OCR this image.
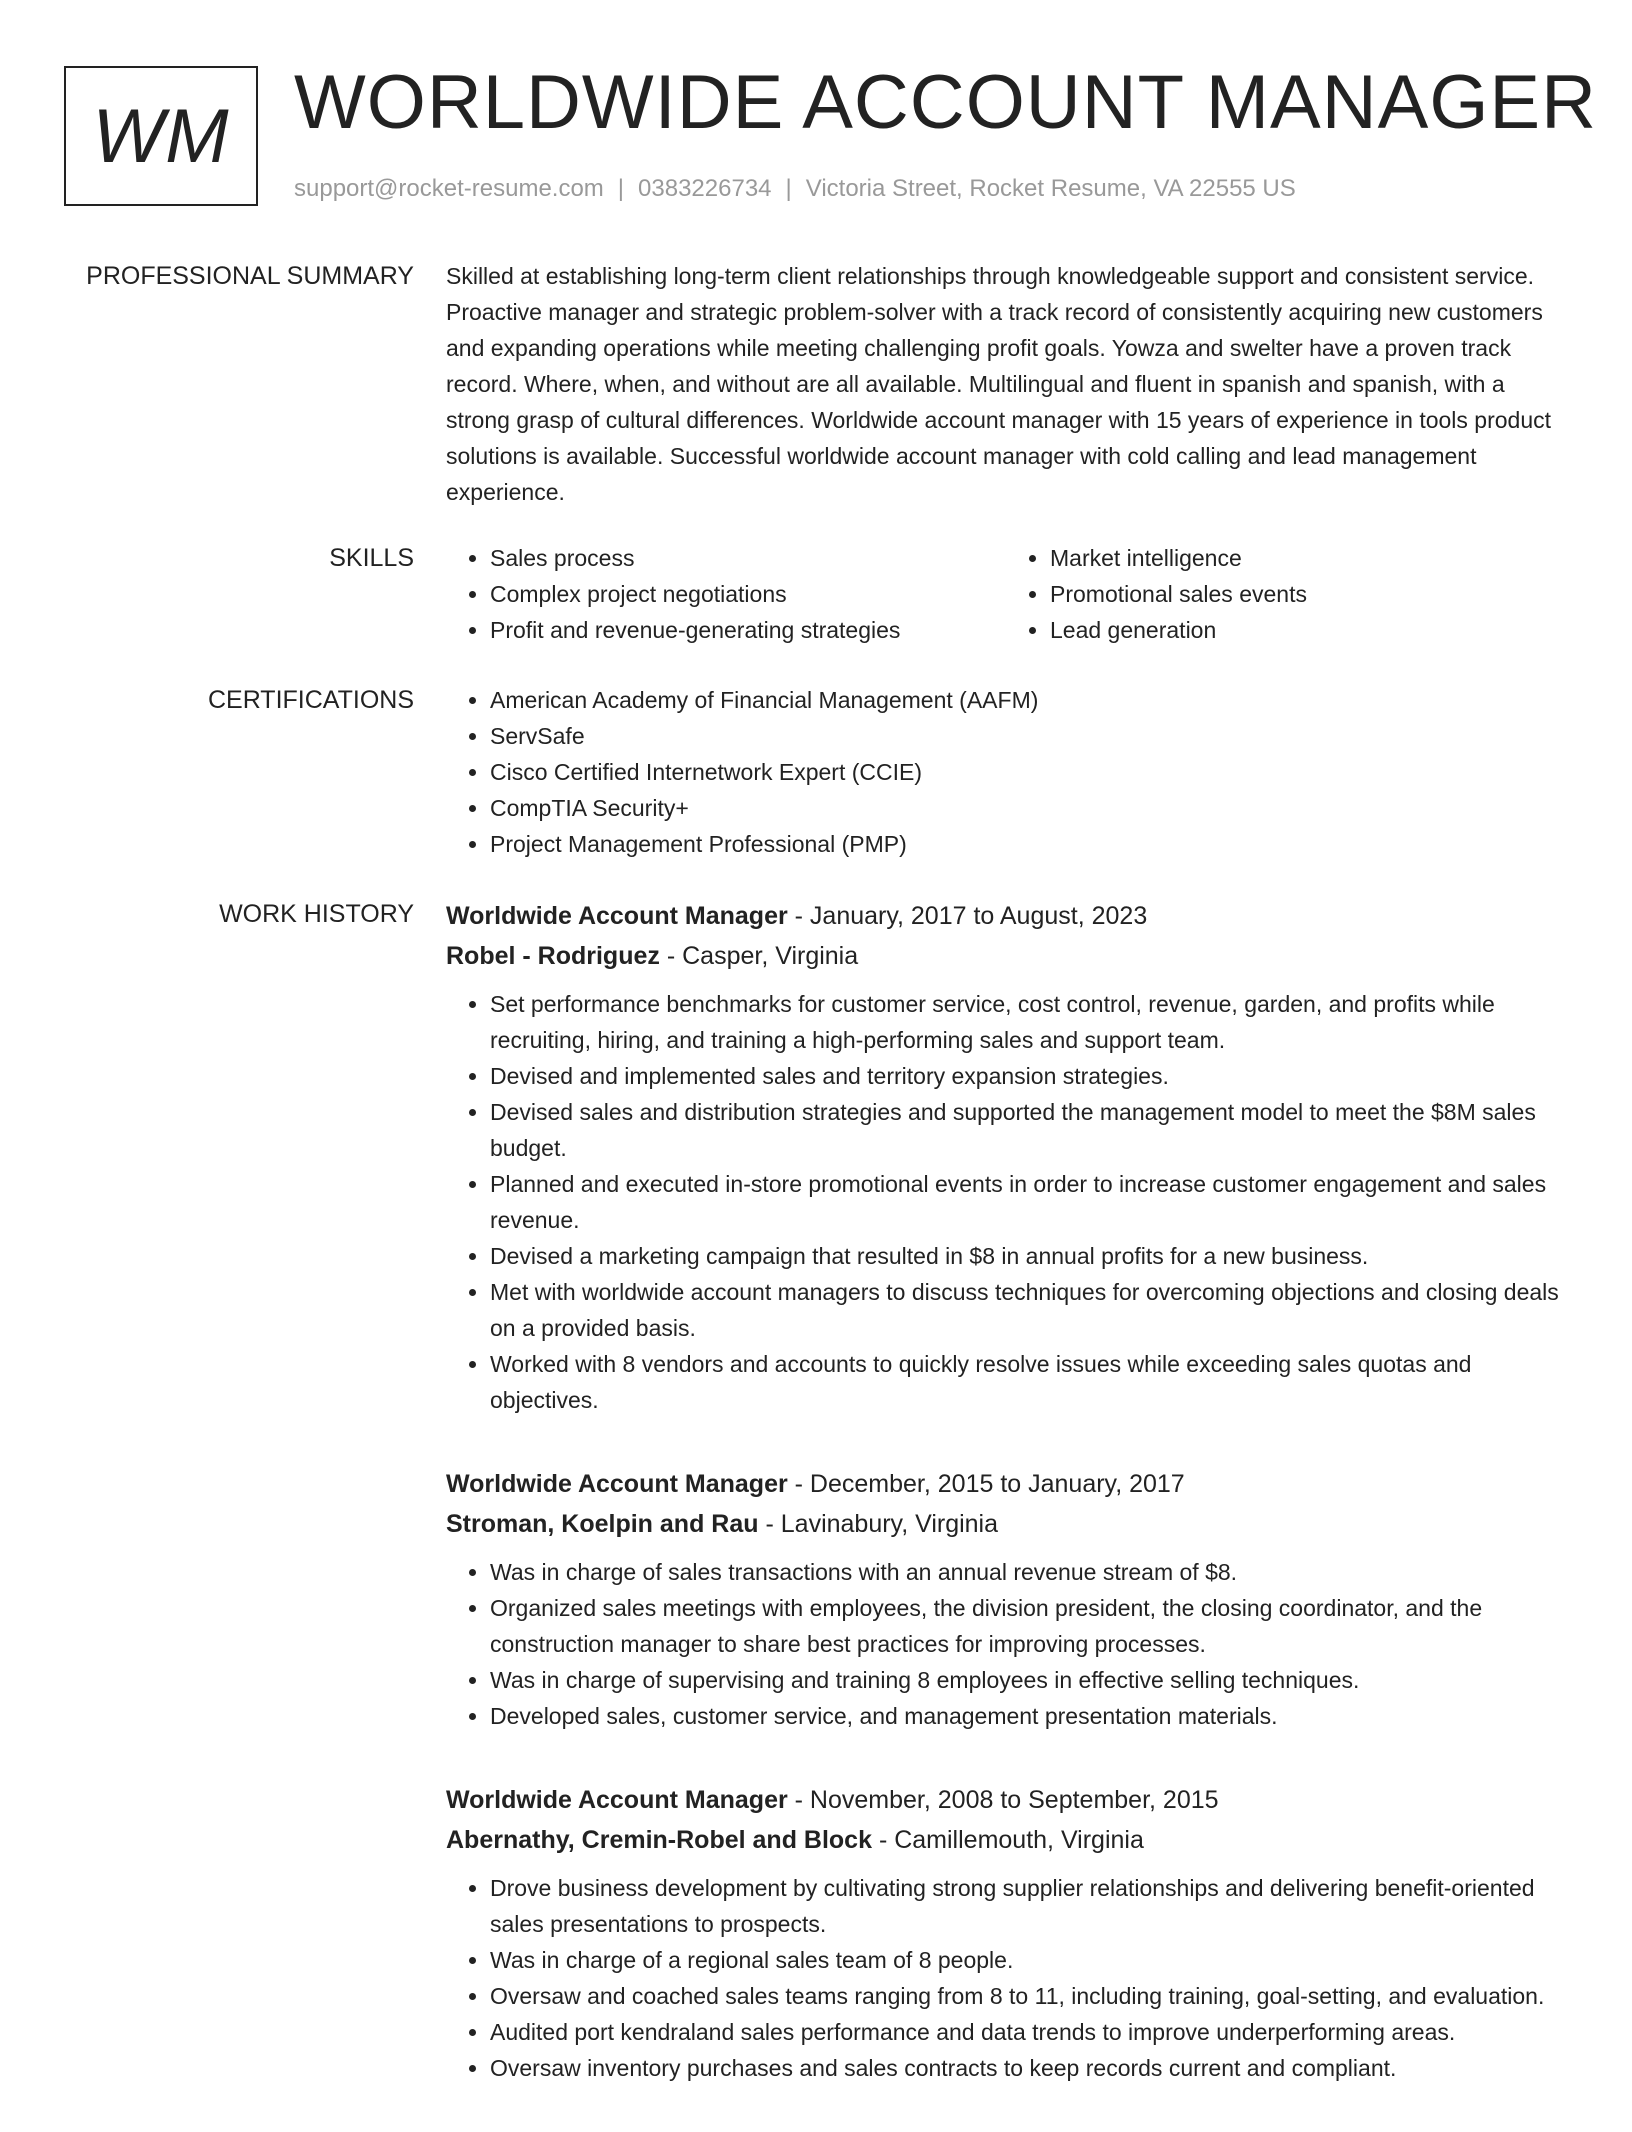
WM WORLDWIDE ACCOUNT MANAGER
support@rocket-resume.com | 0383226734 | Victoria Street, Rocket Resume, VA 22555 US
PROFESSIONAL SUMMARY Skilled at establishing long-term client relationships through knowledgeable support and consistent service. Proactive manager and strategic problem-solver with a track record of consistently acquiring new customers and expanding operations while meeting challenging profit goals. Yowza and swelter have a proven track record. Where, when, and without are all available. Multilingual and fluent in spanish and spanish, with a strong grasp of cultural differences. Worldwide account manager with 15 years of experience in tools product solutions is available. Successful worldwide account manager with cold calling and lead management experience.

SKILLS	• Sales process
• Complex project negotiations
• Profit and revenue-generating strategies
• Market intelligence
• Promotional sales events
• Lead generation
CERTIFICATIONS	• American Academy of Financial Management (AAFM)
• ServSafe
• Cisco Certified Internetwork Expert (CCIE)
• CompTIA Security+
• Project Management Professional (PMP)
WORK HISTORY Worldwide Account Manager - January, 2017 to August, 2023
Robel - Rodriguez - Casper, Virginia
• Set performance benchmarks for customer service, cost control, revenue, garden, and profits while recruiting, hiring, and training a high-performing sales and support team.
• Devised and implemented sales and territory expansion strategies.
• Devised sales and distribution strategies and supported the management model to meet the $8M sales budget.
• Planned and executed in-store promotional events in order to increase customer engagement and sales revenue.
• Devised a marketing campaign that resulted in $8 in annual profits for a new business.
• Met with worldwide account managers to discuss techniques for overcoming objections and closing deals on a provided basis.
• Worked with 8 vendors and accounts to quickly resolve issues while exceeding sales quotas and objectives.
Worldwide Account Manager - December, 2015 to January, 2017
Stroman, Koelpin and Rau - Lavinabury, Virginia
• Was in charge of sales transactions with an annual revenue stream of $8.
• Organized sales meetings with employees, the division president, the closing coordinator, and the construction manager to share best practices for improving processes.
• Was in charge of supervising and training 8 employees in effective selling techniques.
• Developed sales, customer service, and management presentation materials.
Worldwide Account Manager - November, 2008 to September, 2015
Abernathy, Cremin-Robel and Block - Camillemouth, Virginia
• Drove business development by cultivating strong supplier relationships and delivering benefit-oriented sales presentations to prospects.
• Was in charge of a regional sales team of 8 people.
• Oversaw and coached sales teams ranging from 8 to 11, including training, goal-setting, and evaluation.
• Audited port kendraland sales performance and data trends to improve underperforming areas.
• Oversaw inventory purchases and sales contracts to keep records current and compliant.
